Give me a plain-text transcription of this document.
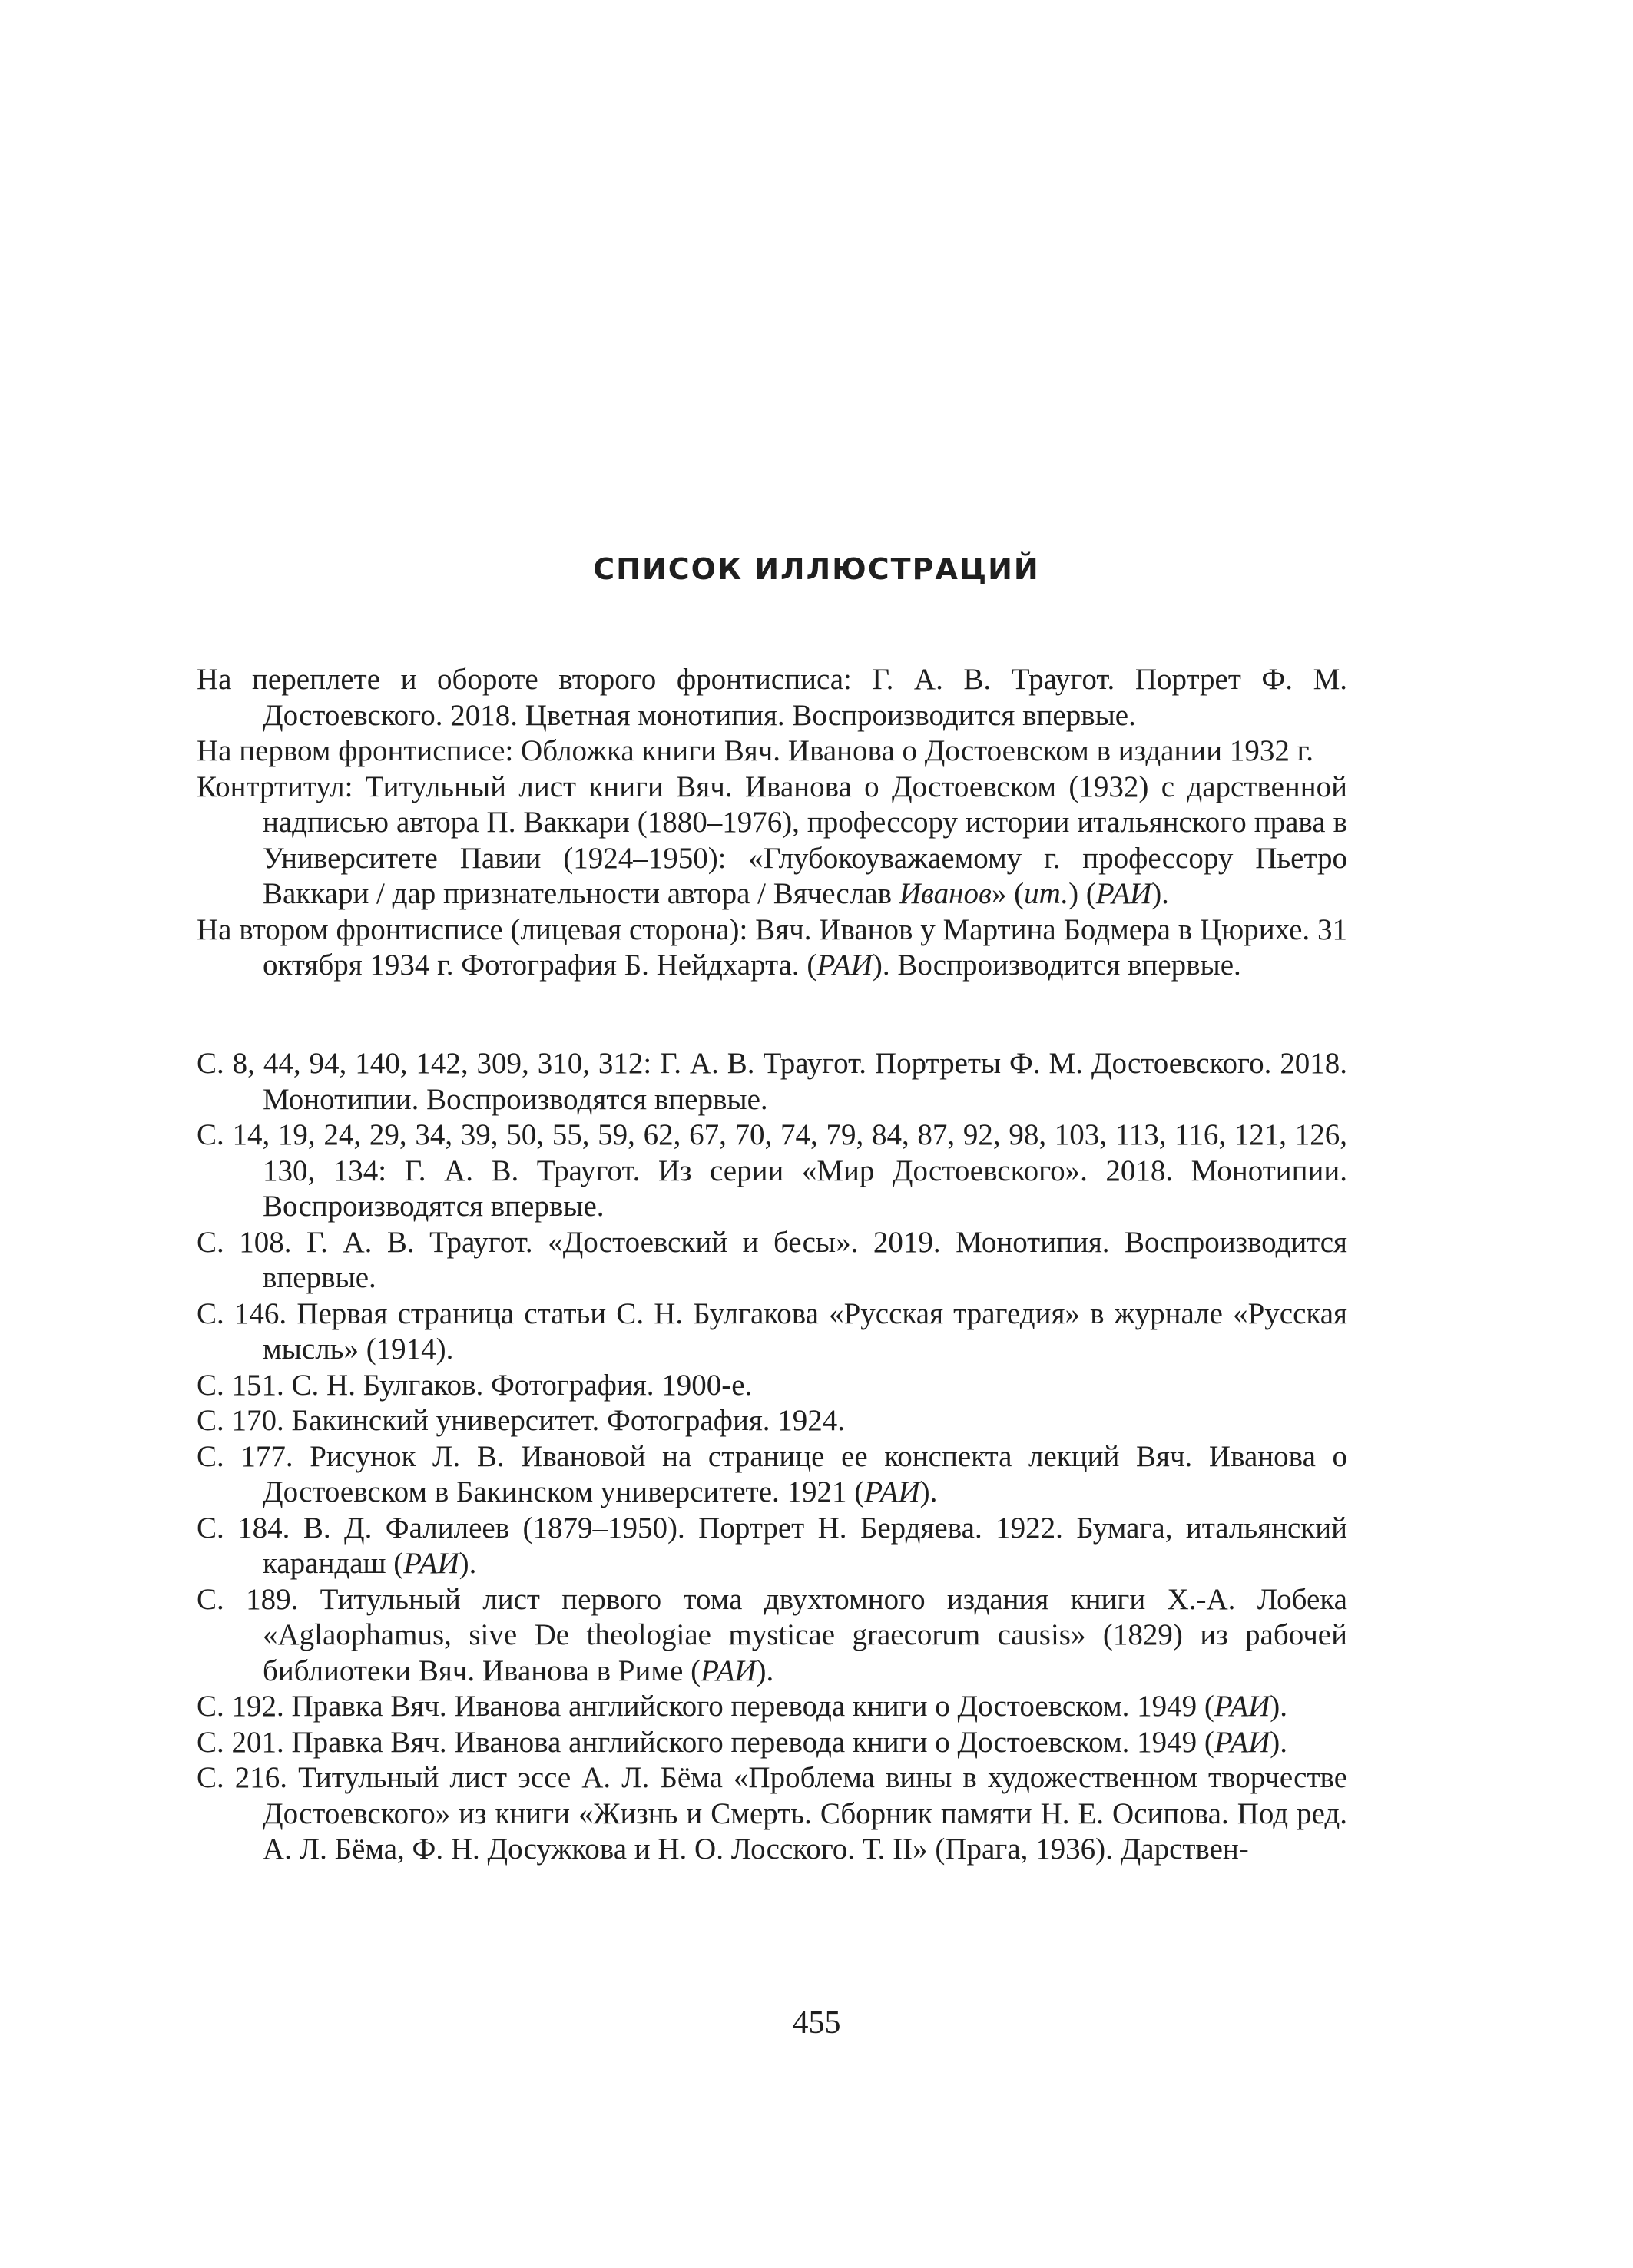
СПИСОК ИЛЛЮСТРАЦИЙ

На переплете и обороте второго фронтисписа: Г. А. В. Траугот. Портрет Ф. М. Достоевского. 2018. Цветная монотипия. Воспроизводится впервые.

На первом фронтисписе: Обложка книги Вяч. Иванова о Достоевском в издании 1932 г.

Контртитул: Титульный лист книги Вяч. Иванова о Достоевском (1932) с дарственной надписью автора П. Ваккари (1880–1976), профессору истории итальянского права в Университете Павии (1924–1950): «Глубокоуважаемому г. профессору Пьетро Ваккари / дар признательности автора / Вячеслав Иванов» (ит.) (РАИ).

На втором фронтисписе (лицевая сторона): Вяч. Иванов у Мартина Бодмера в Цюрихе. 31 октября 1934 г. Фотография Б. Нейдхарта. (РАИ). Воспроизводится впервые.

С. 8, 44, 94, 140, 142, 309, 310, 312: Г. А. В. Траугот. Портреты Ф. М. Достоевского. 2018. Монотипии. Воспроизводятся впервые.

С. 14, 19, 24, 29, 34, 39, 50, 55, 59, 62, 67, 70, 74, 79, 84, 87, 92, 98, 103, 113, 116, 121, 126, 130, 134: Г. А. В. Траугот. Из серии «Мир Достоевского». 2018. Монотипии. Воспроизводятся впервые.

С. 108. Г. А. В. Траугот. «Достоевский и бесы». 2019. Монотипия. Воспроизводится впервые.

С. 146. Первая страница статьи С. Н. Булгакова «Русская трагедия» в журнале «Русская мысль» (1914).

С. 151. С. Н. Булгаков. Фотография. 1900-е.

С. 170. Бакинский университет. Фотография. 1924.

С. 177. Рисунок Л. В. Ивановой на странице ее конспекта лекций Вяч. Иванова о Достоевском в Бакинском университете. 1921 (РАИ).

С. 184. В. Д. Фалилеев (1879–1950). Портрет Н. Бердяева. 1922. Бумага, итальянский карандаш (РАИ).

С. 189. Титульный лист первого тома двухтомного издания книги Х.-А. Лобека «Aglaophamus, sive De theologiae mysticae graecorum causis» (1829) из рабочей библиотеки Вяч. Иванова в Риме (РАИ).

С. 192. Правка Вяч. Иванова английского перевода книги о Достоевском. 1949 (РАИ).

С. 201. Правка Вяч. Иванова английского перевода книги о Достоевском. 1949 (РАИ).

С. 216. Титульный лист эссе А. Л. Бёма «Проблема вины в художественном творчестве Достоевского» из книги «Жизнь и Смерть. Сборник памяти Н. Е. Осипова. Под ред. А. Л. Бёма, Ф. Н. Досужкова и Н. О. Лосского. Т. II» (Прага, 1936). Дарствен-

455
